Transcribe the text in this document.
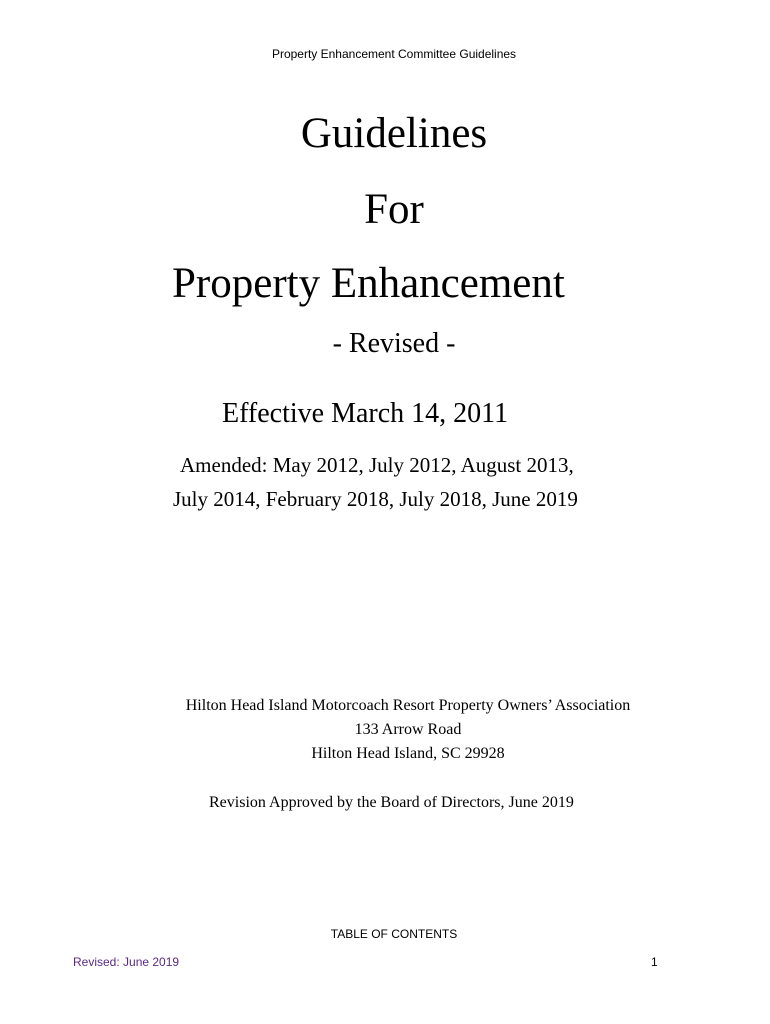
Property Enhancement Committee Guidelines
Guidelines
For
Property Enhancement
- Revised -
Effective March 14, 2011
Amended: May 2012, July 2012, August 2013,
July 2014, February 2018, July 2018, June 2019
Hilton Head Island Motorcoach Resort Property Owners’ Association
133 Arrow Road
Hilton Head Island, SC 29928
Revision Approved by the Board of Directors, June 2019
TABLE OF CONTENTS
Revised: June 2019	1
